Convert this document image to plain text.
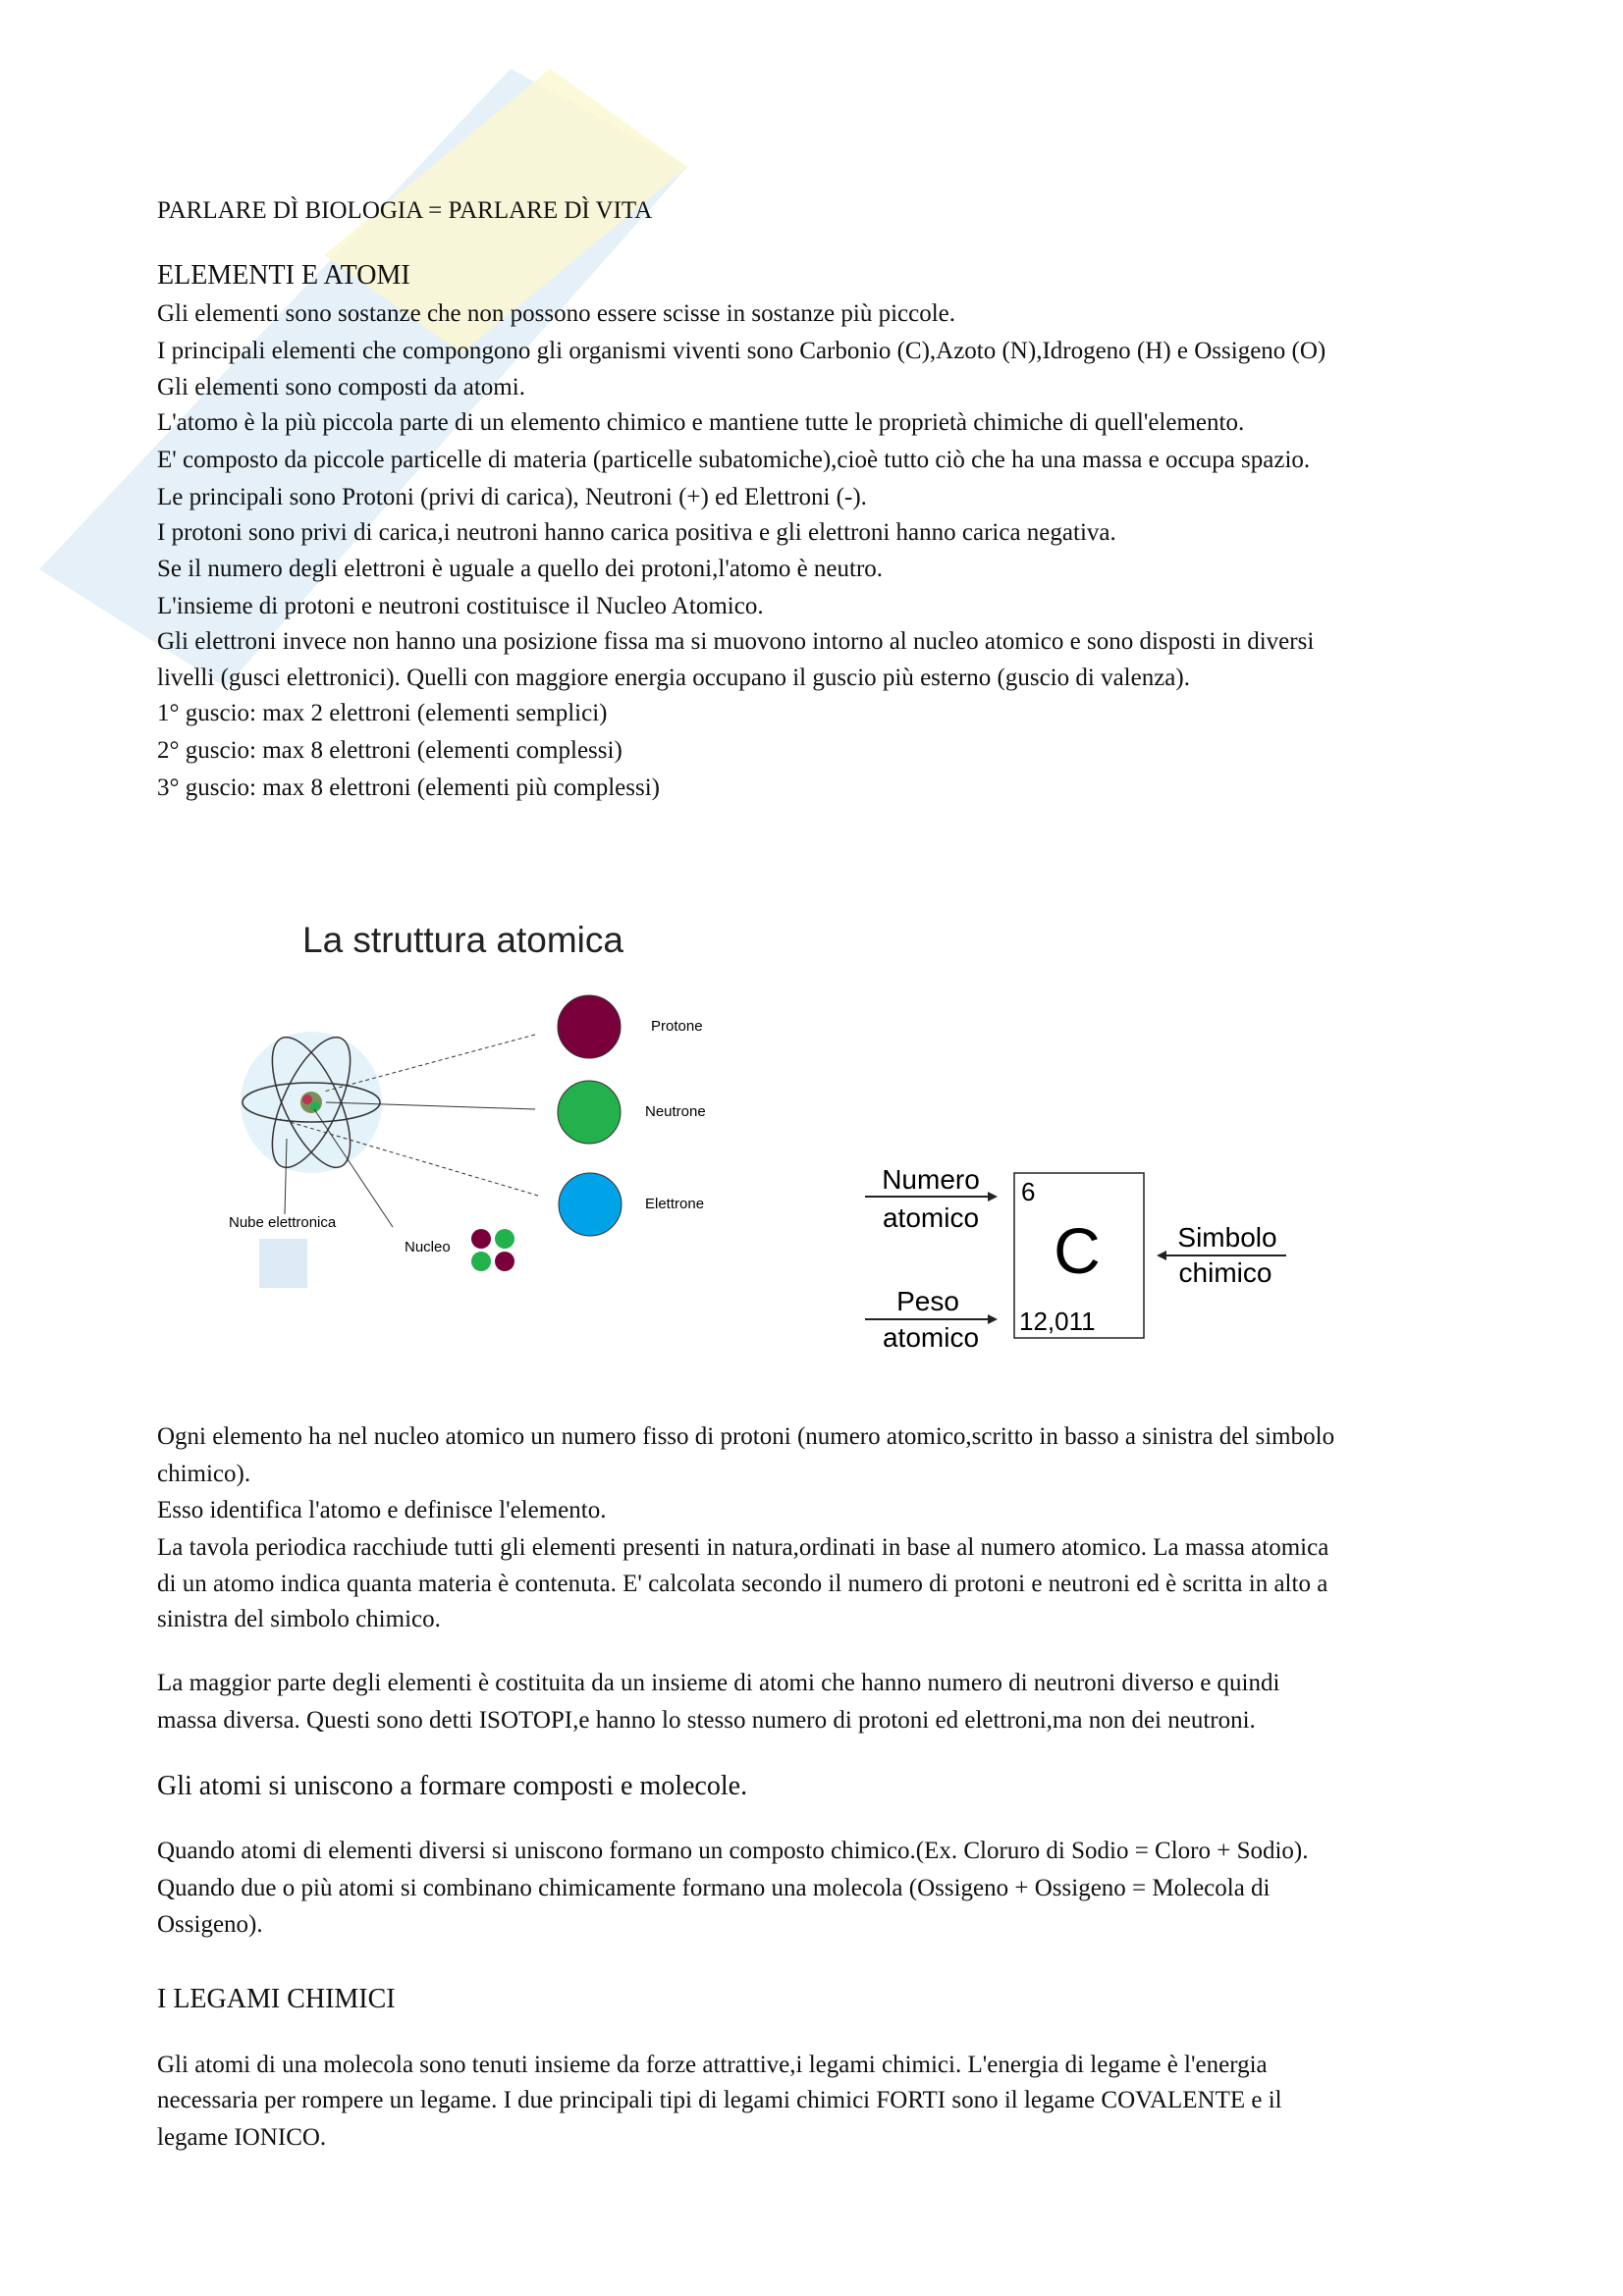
PARLARE DÌ BIOLOGIA = PARLARE DÌ VITA
ELEMENTI E ATOMI
Gli elementi sono sostanze che non possono essere scisse in sostanze più piccole.
I principali elementi che compongono gli organismi viventi sono Carbonio (C),Azoto (N),Idrogeno (H) e Ossigeno (O)
Gli elementi sono composti da atomi.
L'atomo è la più piccola parte di un elemento chimico e mantiene tutte le proprietà chimiche di quell'elemento.
E' composto da piccole particelle di materia (particelle subatomiche),cioè tutto ciò che ha una massa e occupa spazio.
Le principali sono Protoni (privi di carica), Neutroni (+) ed Elettroni (-).
I protoni sono privi di carica,i neutroni hanno carica positiva e gli elettroni hanno carica negativa.
Se il numero degli elettroni è uguale a quello dei protoni,l'atomo è neutro.
L'insieme di protoni e neutroni costituisce il Nucleo Atomico.
Gli elettroni invece non hanno una posizione fissa ma si muovono intorno al nucleo atomico e sono disposti in diversi
livelli (gusci elettronici). Quelli con maggiore energia occupano il guscio più esterno (guscio di valenza).
1° guscio: max 2 elettroni (elementi semplici)
2° guscio: max 8 elettroni (elementi complessi)
3° guscio: max 8 elettroni (elementi più complessi)
La struttura atomica
Protone
Neutrone
Elettrone
Nube elettronica
Nucleo
6
C
12,011
Numero
atomico
Peso
atomico
Simbolo
chimico
Ogni elemento ha nel nucleo atomico un numero fisso di protoni (numero atomico,scritto in basso a sinistra del simbolo
chimico).
Esso identifica l'atomo e definisce l'elemento.
La tavola periodica racchiude tutti gli elementi presenti in natura,ordinati in base al numero atomico. La massa atomica
di un atomo indica quanta materia è contenuta. E' calcolata secondo il numero di protoni e neutroni ed è scritta in alto a
sinistra del simbolo chimico.
La maggior parte degli elementi è costituita da un insieme di atomi che hanno numero di neutroni diverso e quindi
massa diversa. Questi sono detti ISOTOPI,e hanno lo stesso numero di protoni ed elettroni,ma non dei neutroni.
Gli atomi si uniscono a formare composti e molecole.
Quando atomi di elementi diversi si uniscono formano un composto chimico.(Ex. Cloruro di Sodio = Cloro + Sodio).
Quando due o più atomi si combinano chimicamente formano una molecola (Ossigeno + Ossigeno = Molecola di
Ossigeno).
I LEGAMI CHIMICI
Gli atomi di una molecola sono tenuti insieme da forze attrattive,i legami chimici. L'energia di legame è l'energia
necessaria per rompere un legame. I due principali tipi di legami chimici FORTI sono il legame COVALENTE e il
legame IONICO.
